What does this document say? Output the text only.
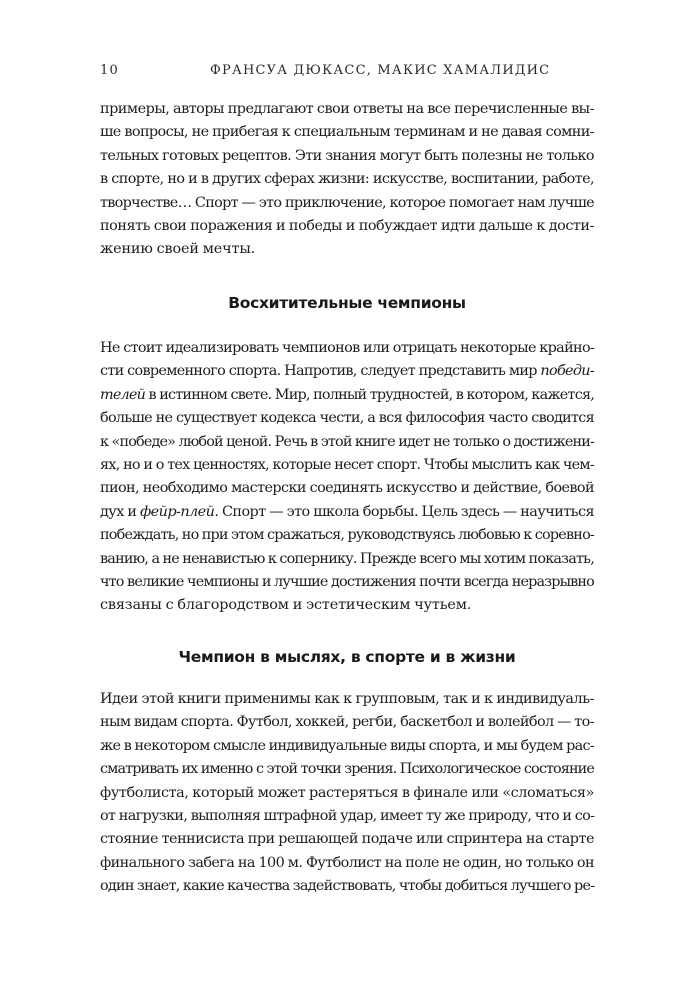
10	ФРАНСУА ДЮКАСС, МАКИС ХАМАЛИДИС
примеры, авторы предлагают свои ответы на все перечисленные вы-
ше вопросы, не прибегая к специальным терминам и не давая сомни-
тельных готовых рецептов. Эти знания могут быть полезны не только
в спорте, но и в других сферах жизни: искусстве, воспитании, работе,
творчестве… Спорт — это приключение, которое помогает нам лучше
понять свои поражения и победы и побуждает идти дальше к дости-
жению своей мечты.
Восхитительные чемпионы
Не стоит идеализировать чемпионов или отрицать некоторые крайно-
сти современного спорта. Напротив, следует представить мир победи-
телей в истинном свете. Мир, полный трудностей, в котором, кажется,
больше не существует кодекса чести, а вся философия часто сводится
к «победе» любой ценой. Речь в этой книге идет не только о достижени-
ях, но и о тех ценностях, которые несет спорт. Чтобы мыслить как чем-
пион, необходимо мастерски соединять искусство и действие, боевой
дух и фейр-плей. Спорт — это школа борьбы. Цель здесь — научиться
побеждать, но при этом сражаться, руководствуясь любовью к соревно-
ванию, а не ненавистью к сопернику. Прежде всего мы хотим показать,
что великие чемпионы и лучшие достижения почти всегда неразрывно
связаны с благородством и эстетическим чутьем.
Чемпион в мыслях, в спорте и в жизни
Идеи этой книги применимы как к групповым, так и к индивидуаль-
ным видам спорта. Футбол, хоккей, регби, баскетбол и волейбол — то-
же в некотором смысле индивидуальные виды спорта, и мы будем рас-
сматривать их именно с этой точки зрения. Психологическое состояние
футболиста, который может растеряться в финале или «сломаться»
от нагрузки, выполняя штрафной удар, имеет ту же природу, что и со-
стояние теннисиста при решающей подаче или спринтера на старте
финального забега на 100 м. Футболист на поле не один, но только он
один знает, какие качества задействовать, чтобы добиться лучшего ре-
